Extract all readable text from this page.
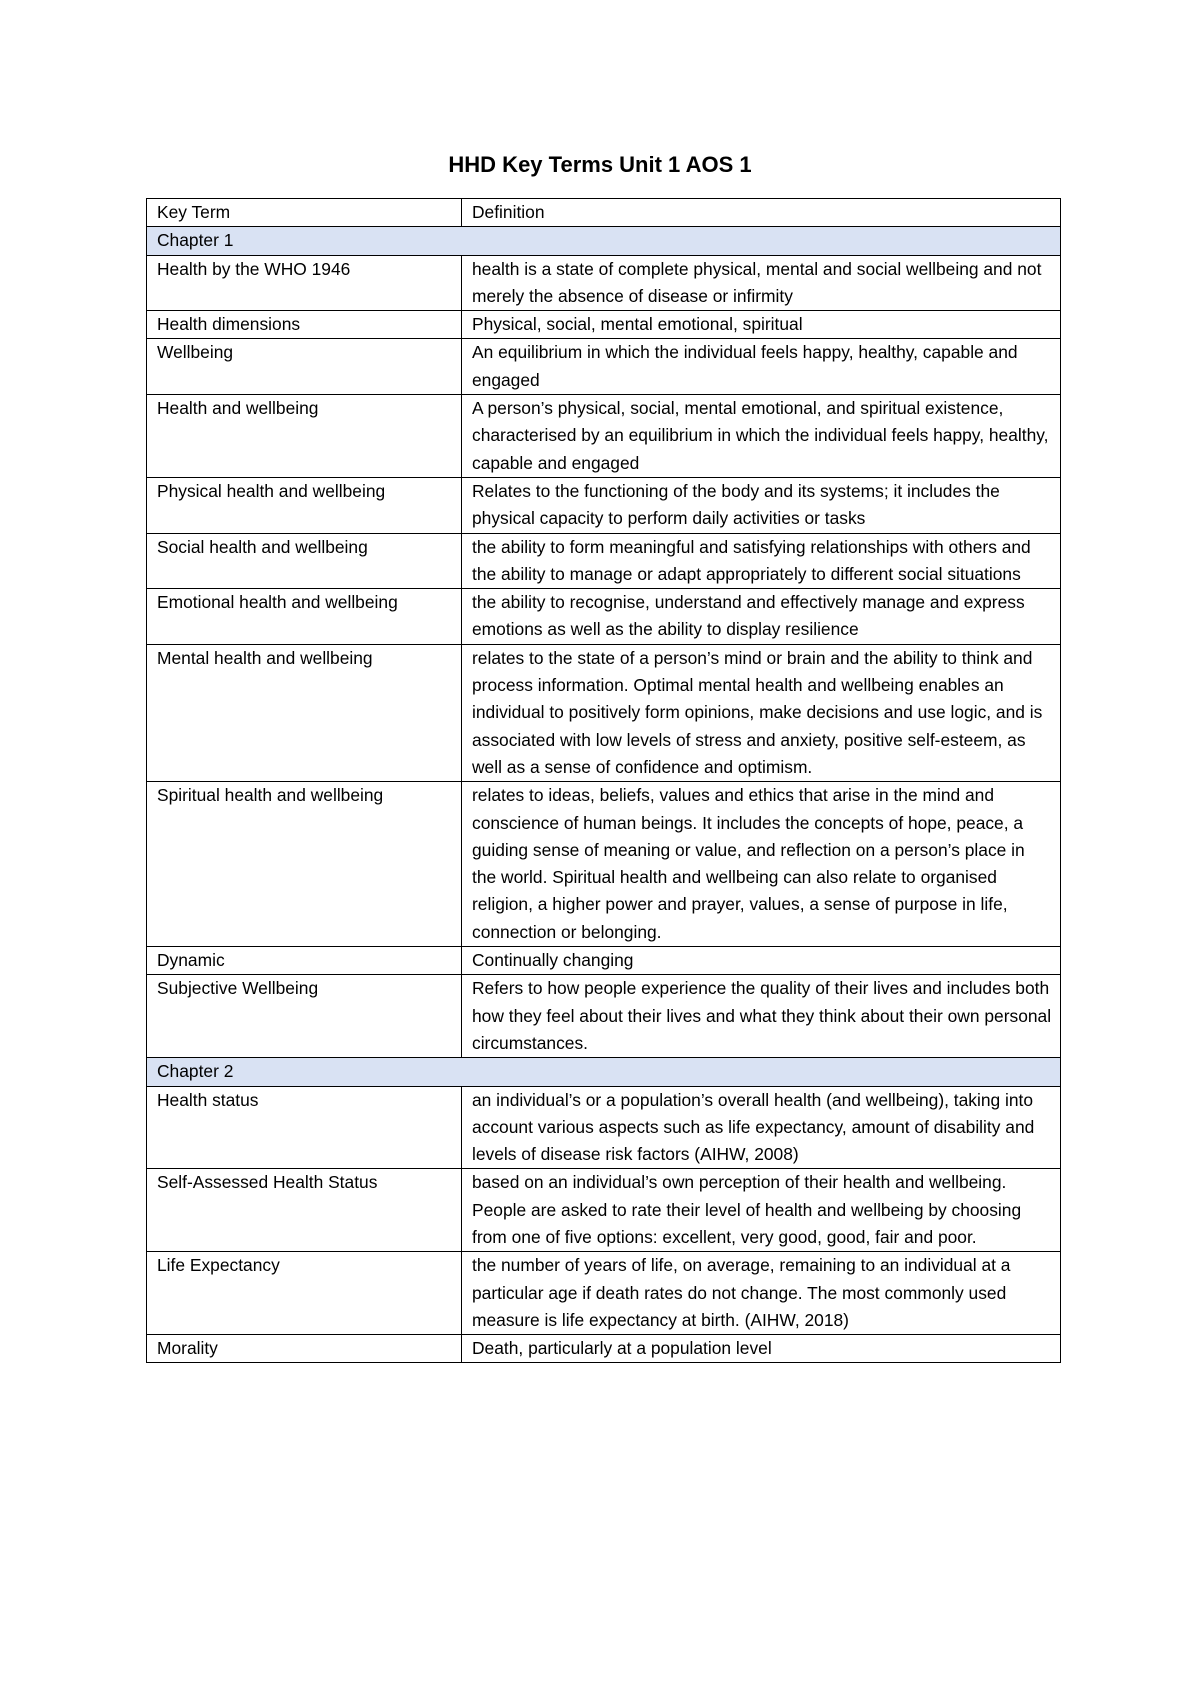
HHD Key Terms Unit 1 AOS 1
Key Term	Definition
Chapter 1	
Health by the WHO 1946	health is a state of complete physical, mental and social wellbeing and not merely the absence of disease or infirmity
Health dimensions	Physical, social, mental emotional, spiritual
Wellbeing	An equilibrium in which the individual feels happy, healthy, capable and engaged
Health and wellbeing	A person’s physical, social, mental emotional, and spiritual existence, characterised by an equilibrium in which the individual feels happy, healthy, capable and engaged
Physical health and wellbeing	Relates to the functioning of the body and its systems; it includes the physical capacity to perform daily activities or tasks
Social health and wellbeing	the ability to form meaningful and satisfying relationships with others and the ability to manage or adapt appropriately to different social situations
Emotional health and wellbeing	the ability to recognise, understand and effectively manage and express emotions as well as the ability to display resilience
Mental health and wellbeing	relates to the state of a person’s mind or brain and the ability to think and process information. Optimal mental health and wellbeing enables an individual to positively form opinions, make decisions and use logic, and is associated with low levels of stress and anxiety, positive self-esteem, as well as a sense of confidence and optimism.
Spiritual health and wellbeing	relates to ideas, beliefs, values and ethics that arise in the mind and conscience of human beings. It includes the concepts of hope, peace, a guiding sense of meaning or value, and reflection on a person’s place in the world. Spiritual health and wellbeing can also relate to organised religion, a higher power and prayer, values, a sense of purpose in life, connection or belonging.
Dynamic	Continually changing
Subjective Wellbeing	Refers to how people experience the quality of their lives and includes both how they feel about their lives and what they think about their own personal circumstances.
Chapter 2	
Health status	an individual’s or a population’s overall health (and wellbeing), taking into account various aspects such as life expectancy, amount of disability and levels of disease risk factors (AIHW, 2008)
Self-Assessed Health Status	based on an individual’s own perception of their health and wellbeing. People are asked to rate their level of health and wellbeing by choosing from one of five options: excellent, very good, good, fair and poor.
Life Expectancy	the number of years of life, on average, remaining to an individual at a particular age if death rates do not change. The most commonly used measure is life expectancy at birth. (AIHW, 2018)
Morality	Death, particularly at a population level
